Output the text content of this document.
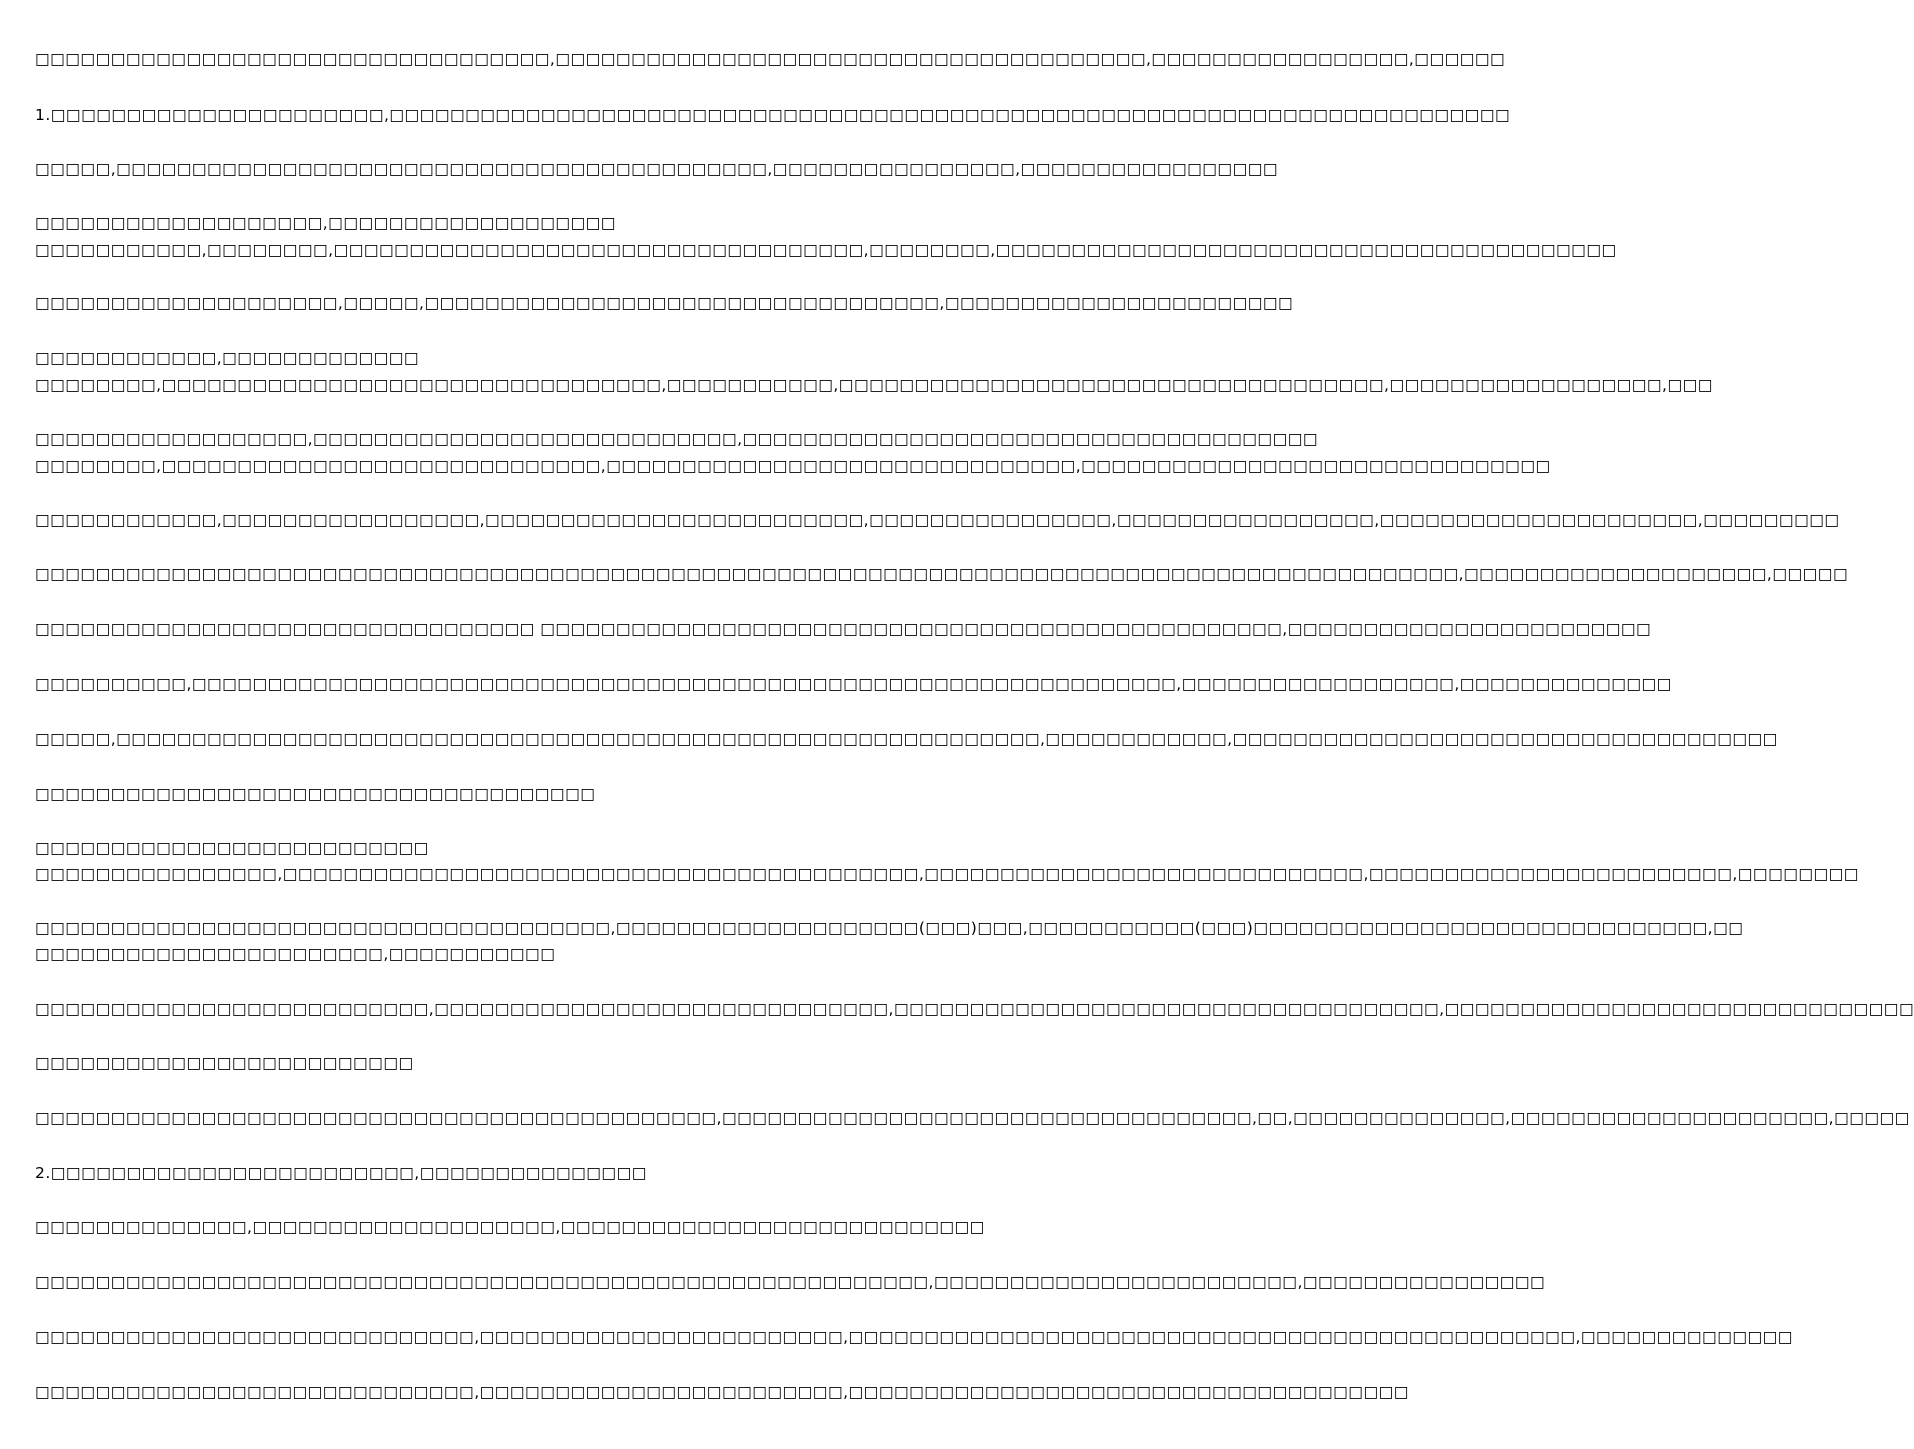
□□□□□□□□□□□□□□□□□□□□□□□□□□□□□□□□□□,□□□□□□□□□□□□□□□□□□□□□□□□□□□□□□□□□□□□□□□,□□□□□□□□□□□□□□□□□,□□□□□□
1.□□□□□□□□□□□□□□□□□□□□□□,□□□□□□□□□□□□□□□□□□□□□□□□□□□□□□□□□□□□□□□□□□□□□□□□□□□□□□□□□□□□□□□□□□□□□□□□□□
□□□□□,□□□□□□□□□□□□□□□□□□□□□□□□□□□□□□□□□□□□□□□□□□□,□□□□□□□□□□□□□□□□,□□□□□□□□□□□□□□□□□
□□□□□□□□□□□□□□□□□□□,□□□□□□□□□□□□□□□□□□□
□□□□□□□□□□□,□□□□□□□□,□□□□□□□□□□□□□□□□□□□□□□□□□□□□□□□□□□□,□□□□□□□□,□□□□□□□□□□□□□□□□□□□□□□□□□□□□□□□□□□□□□□□□□
□□□□□□□□□□□□□□□□□□□□,□□□□□,□□□□□□□□□□□□□□□□□□□□□□□□□□□□□□□□□□,□□□□□□□□□□□□□□□□□□□□□□□
□□□□□□□□□□□□,□□□□□□□□□□□□□
□□□□□□□□,□□□□□□□□□□□□□□□□□□□□□□□□□□□□□□□□□,□□□□□□□□□□□,□□□□□□□□□□□□□□□□□□□□□□□□□□□□□□□□□□□□,□□□□□□□□□□□□□□□□□□,□□□
□□□□□□□□□□□□□□□□□□,□□□□□□□□□□□□□□□□□□□□□□□□□□□□,□□□□□□□□□□□□□□□□□□□□□□□□□□□□□□□□□□□□□□
□□□□□□□□,□□□□□□□□□□□□□□□□□□□□□□□□□□□□□,□□□□□□□□□□□□□□□□□□□□□□□□□□□□□□□,□□□□□□□□□□□□□□□□□□□□□□□□□□□□□□□
□□□□□□□□□□□□,□□□□□□□□□□□□□□□□□,□□□□□□□□□□□□□□□□□□□□□□□□□,□□□□□□□□□□□□□□□□,□□□□□□□□□□□□□□□□□,□□□□□□□□□□□□□□□□□□□□□,□□□□□□□□□
□□□□□□□□□□□□□□□□□□□□□□□□□□□□□□□□□□□□□□□□□□□□□□□□□□□□□□□□□□□□□□□□□□□□□□□□□□□□□□□□□□□□□□□□□□□□□□,□□□□□□□□□□□□□□□□□□□□,□□□□□
□□□□□□□□□□□□□□□□□□□□□□□□□□□□□□□□□ □□□□□□□□□□□□□□□□□□□□□□□□□□□□□□□□□□□□□□□□□□□□□□□□□,□□□□□□□□□□□□□□□□□□□□□□□□
□□□□□□□□□□,□□□□□□□□□□□□□□□□□□□□□□□□□□□□□□□□□□□□□□□□□□□□□□□□□□□□□□□□□□□□□□□□□,□□□□□□□□□□□□□□□□□□,□□□□□□□□□□□□□□
□□□□□,□□□□□□□□□□□□□□□□□□□□□□□□□□□□□□□□□□□□□□□□□□□□□□□□□□□□□□□□□□□□□,□□□□□□□□□□□□,□□□□□□□□□□□□□□□□□□□□□□□□□□□□□□□□□□□□
□□□□□□□□□□□□□□□□□□□□□□□□□□□□□□□□□□□□□
□□□□□□□□□□□□□□□□□□□□□□□□□□
□□□□□□□□□□□□□□□□,□□□□□□□□□□□□□□□□□□□□□□□□□□□□□□□□□□□□□□□□□□,□□□□□□□□□□□□□□□□□□□□□□□□□□□□□,□□□□□□□□□□□□□□□□□□□□□□□□,□□□□□□□□
□□□□□□□□□□□□□□□□□□□□□□□□□□□□□□□□□□□□□□,□□□□□□□□□□□□□□□□□□□□(□□□)□□□,□□□□□□□□□□□(□□□)□□□□□□□□□□□□□□□□□□□□□□□□□□□□□□,□□
□□□□□□□□□□□□□□□□□□□□□□□,□□□□□□□□□□□
□□□□□□□□□□□□□□□□□□□□□□□□□□,□□□□□□□□□□□□□□□□□□□□□□□□□□□□□□,□□□□□□□□□□□□□□□□□□□□□□□□□□□□□□□□□□□□,□□□□□□□□□□□□□□□□□□□□□□□□□□□□□□□
□□□□□□□□□□□□□□□□□□□□□□□□□
□□□□□□□□□□□□□□□□□□□□□□□□□□□□□□□□□□□□□□□□□□□□□,□□□□□□□□□□□□□□□□□□□□□□□□□□□□□□□□□□□,□□,□□□□□□□□□□□□□□,□□□□□□□□□□□□□□□□□□□□□,□□□□□
2.□□□□□□□□□□□□□□□□□□□□□□□□,□□□□□□□□□□□□□□□
□□□□□□□□□□□□□□,□□□□□□□□□□□□□□□□□□□□,□□□□□□□□□□□□□□□□□□□□□□□□□□□□
□□□□□□□□□□□□□□□□□□□□□□□□□□□□□□□□□□□□□□□□□□□□□□□□□□□□□□□□□□□,□□□□□□□□□□□□□□□□□□□□□□□□,□□□□□□□□□□□□□□□□
□□□□□□□□□□□□□□□□□□□□□□□□□□□□□,□□□□□□□□□□□□□□□□□□□□□□□□,□□□□□□□□□□□□□□□□□□□□□□□□□□□□□□□□□□□□□□□□□□□□□□□□,□□□□□□□□□□□□□□
□□□□□□□□□□□□□□□□□□□□□□□□□□□□□,□□□□□□□□□□□□□□□□□□□□□□□□,□□□□□□□□□□□□□□□□□□□□□□□□□□□□□□□□□□□□□
